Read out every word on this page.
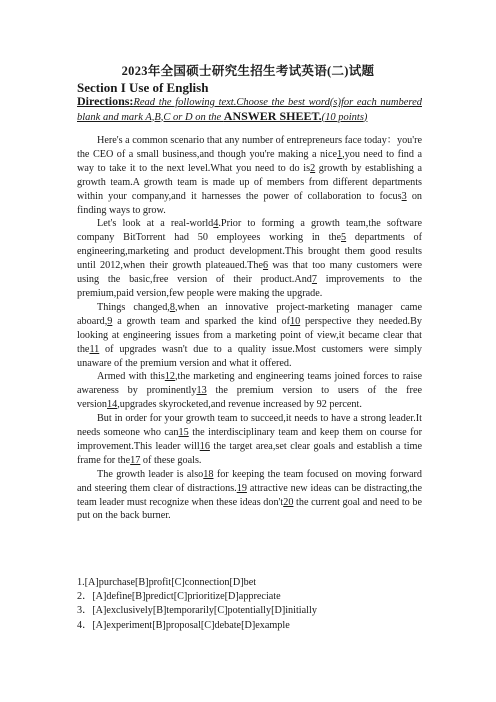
2023年全国硕士研究生招生考试英语(二)试题
Section I Use of English
Directions:Read the following text.Choose the best word(s)for each numbered blank and mark A,B,C or D on the ANSWER SHEET.(10 points)

Here's a common scenario that any number of entrepreneurs face today：you're the CEO of a small business,and though you're making a nice1,you need to find a way to take it to the next level.What you need to do is2 growth by establishing a growth team.A growth team is made up of members from different departments within your company,and it harnesses the power of collaboration to focus3 on finding ways to grow.

Let's look at a real-world4.Prior to forming a growth team,the software company BitTorrent had 50 employees working in the5 departments of engineering,marketing and product development.This brought them good results until 2012,when their growth plateaued.The6 was that too many customers were using the basic,free version of their product.And7 improvements to the premium,paid version,few people were making the upgrade.

Things changed,8,when an innovative project-marketing manager came aboard,9 a growth team and sparked the kind of10 perspective they needed.By looking at engineering issues from a marketing point of view,it became clear that the11 of upgrades wasn't due to a quality issue.Most customers were simply unaware of the premium version and what it offered.

Armed with this12,the marketing and engineering teams joined forces to raise awareness by prominently13 the premium version to users of the free version14,upgrades skyrocketed,and revenue increased by 92 percent.

But in order for your growth team to succeed,it needs to have a strong leader.It needs someone who can15 the interdisciplinary team and keep them on course for improvement.This leader will16 the target area,set clear goals and establish a time frame for the17 of these goals.

The growth leader is also18 for keeping the team focused on moving forward and steering them clear of distractions.19 attractive new ideas can be distracting,the team leader must recognize when these ideas don't20 the current goal and need to be put on the back burner.

1.[A]purchase[B]profit[C]connection[D]bet
2．[A]define[B]predict[C]prioritize[D]appreciate
3．[A]exclusively[B]temporarily[C]potentially[D]initially
4．[A]experiment[B]proposal[C]debate[D]example
